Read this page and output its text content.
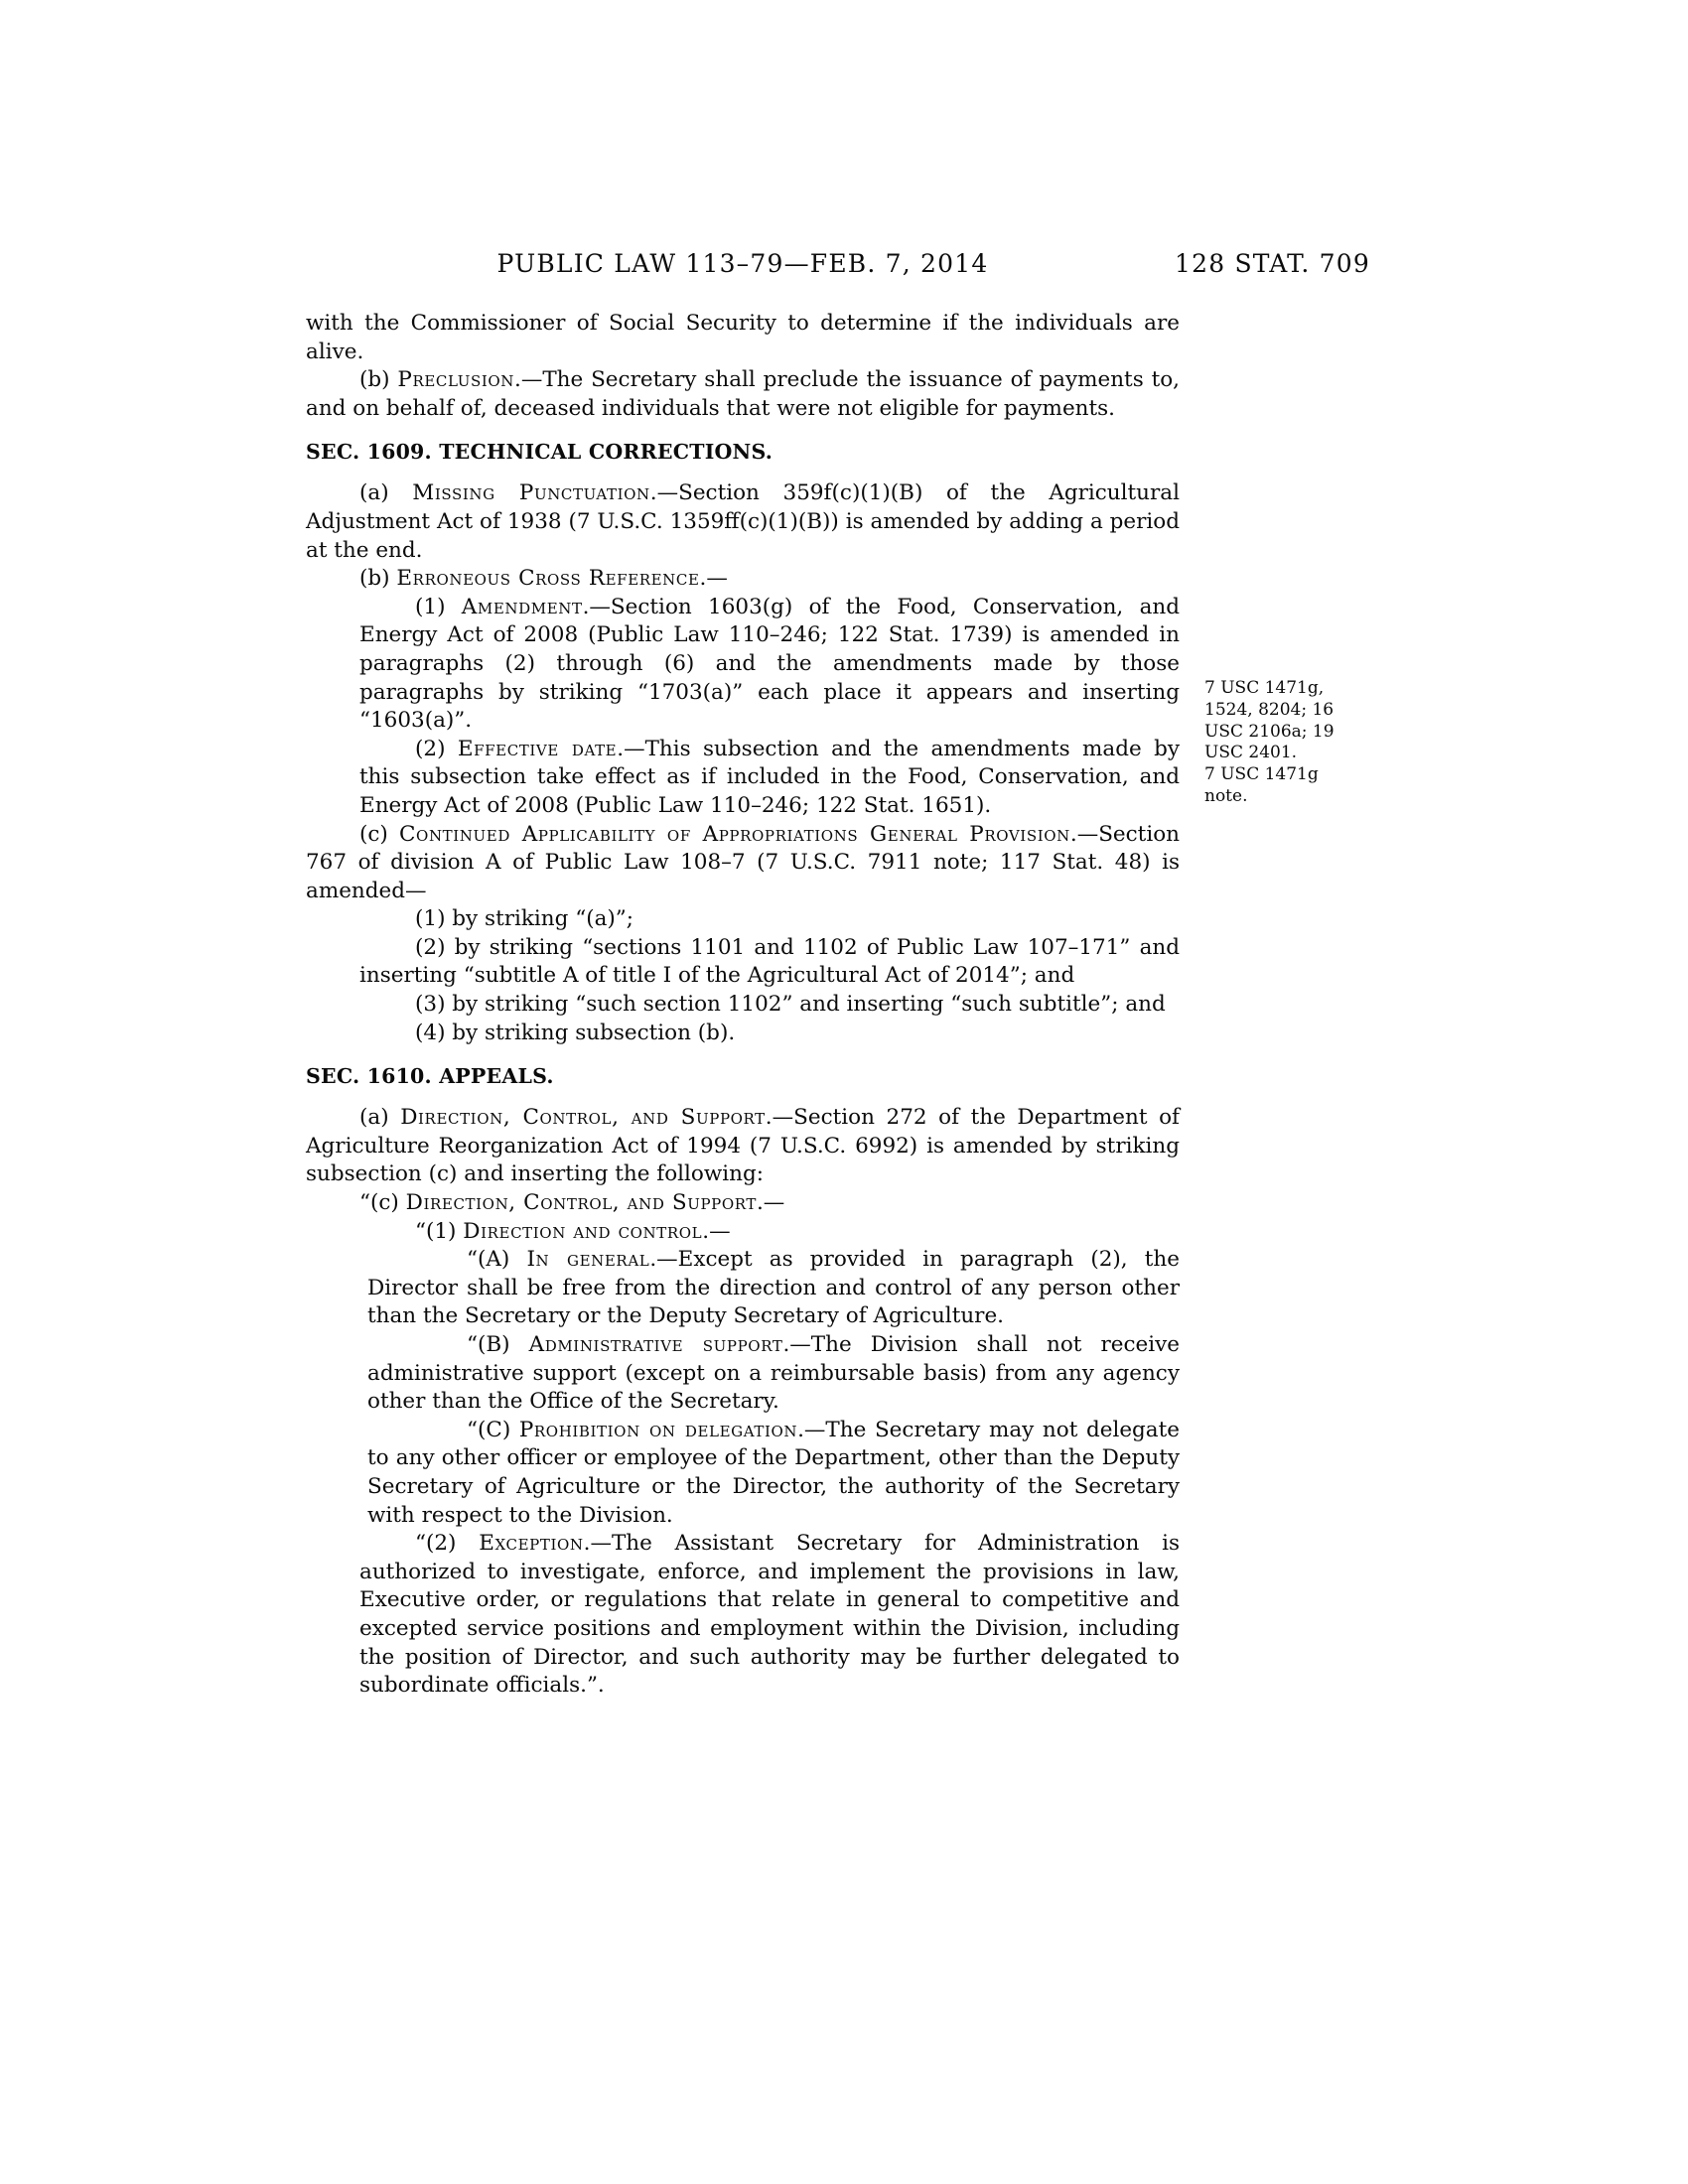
PUBLIC LAW 113–79—FEB. 7, 2014	128 STAT. 709

with the Commissioner of Social Security to determine if the individuals are alive.

(b) Preclusion.—The Secretary shall preclude the issuance of payments to, and on behalf of, deceased individuals that were not eligible for payments.

SEC. 1609. TECHNICAL CORRECTIONS.

(a) Missing Punctuation.—Section 359f(c)(1)(B) of the Agricultural Adjustment Act of 1938 (7 U.S.C. 1359ff(c)(1)(B)) is amended by adding a period at the end.

(b) Erroneous Cross Reference.—

(1) Amendment.—Section 1603(g) of the Food, Conservation, and Energy Act of 2008 (Public Law 110–246; 122 Stat. 1739) is amended in paragraphs (2) through (6) and the amendments made by those paragraphs by striking “1703(a)” each place it appears and inserting “1603(a)”.

(2) Effective date.—This subsection and the amendments made by this subsection take effect as if included in the Food, Conservation, and Energy Act of 2008 (Public Law 110–246; 122 Stat. 1651).

(c) Continued Applicability of Appropriations General Provision.—Section 767 of division A of Public Law 108–7 (7 U.S.C. 7911 note; 117 Stat. 48) is amended—

(1) by striking “(a)”;

(2) by striking “sections 1101 and 1102 of Public Law 107–171” and inserting “subtitle A of title I of the Agricultural Act of 2014”; and

(3) by striking “such section 1102” and inserting “such subtitle”; and

(4) by striking subsection (b).

SEC. 1610. APPEALS.

(a) Direction, Control, and Support.—Section 272 of the Department of Agriculture Reorganization Act of 1994 (7 U.S.C. 6992) is amended by striking subsection (c) and inserting the following:

“(c) Direction, Control, and Support.—

“(1) Direction and control.—

“(A) In general.—Except as provided in paragraph (2), the Director shall be free from the direction and control of any person other than the Secretary or the Deputy Secretary of Agriculture.

“(B) Administrative support.—The Division shall not receive administrative support (except on a reimbursable basis) from any agency other than the Office of the Secretary.

“(C) Prohibition on delegation.—The Secretary may not delegate to any other officer or employee of the Department, other than the Deputy Secretary of Agriculture or the Director, the authority of the Secretary with respect to the Division.

“(2) Exception.—The Assistant Secretary for Administration is authorized to investigate, enforce, and implement the provisions in law, Executive order, or regulations that relate in general to competitive and excepted service positions and employment within the Division, including the position of Director, and such authority may be further delegated to subordinate officials.”.

7 USC 1471g, 1524, 8204; 16 USC 2106a; 19 USC 2401.
7 USC 1471g note.
